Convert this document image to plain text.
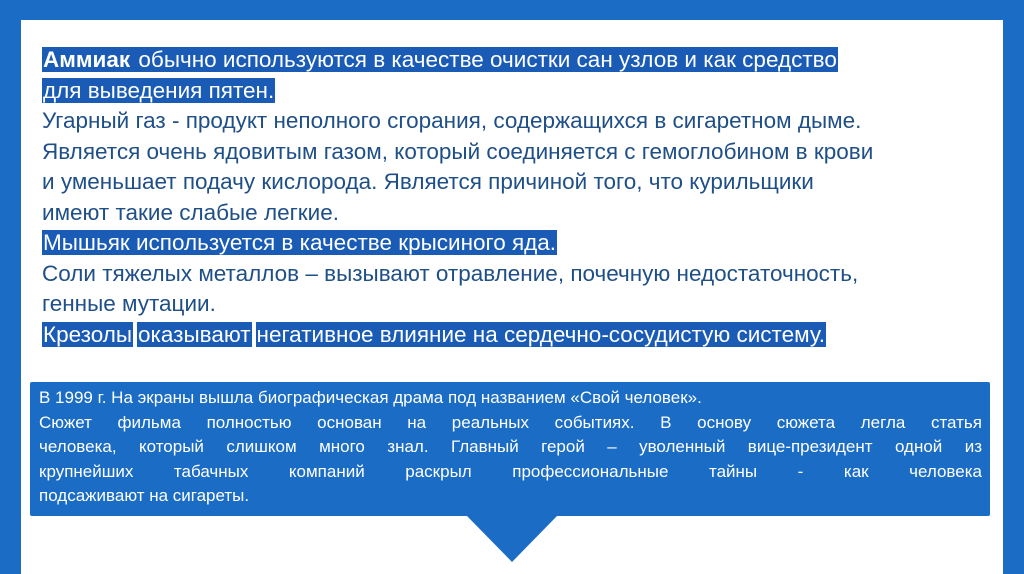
Аммиак обычно используются в качестве очистки сан узлов и как средство
для выведения пятен.
Угарный газ - продукт неполного сгорания, содержащихся в сигаретном дыме.
Является очень ядовитым газом, который соединяется с гемоглобином в крови
и уменьшает подачу кислорода. Является причиной того, что курильщики
имеют такие слабые легкие.
Мышьяк используется в качестве крысиного яда.
Соли тяжелых металлов – вызывают отравление, почечную недостаточность,
генные мутации.
Крезолы оказывают негативное влияние на сердечно-сосудистую систему.
В 1999 г. На экраны вышла биографическая драма под названием «Свой человек».
Сюжет фильма полностью основан на реальных событиях. В основу сюжета легла статья
человека, который слишком много знал. Главный герой – уволенный вице-президент одной из
крупнейших табачных компаний раскрыл профессиональные тайны - как человека
подсаживают на сигареты.
